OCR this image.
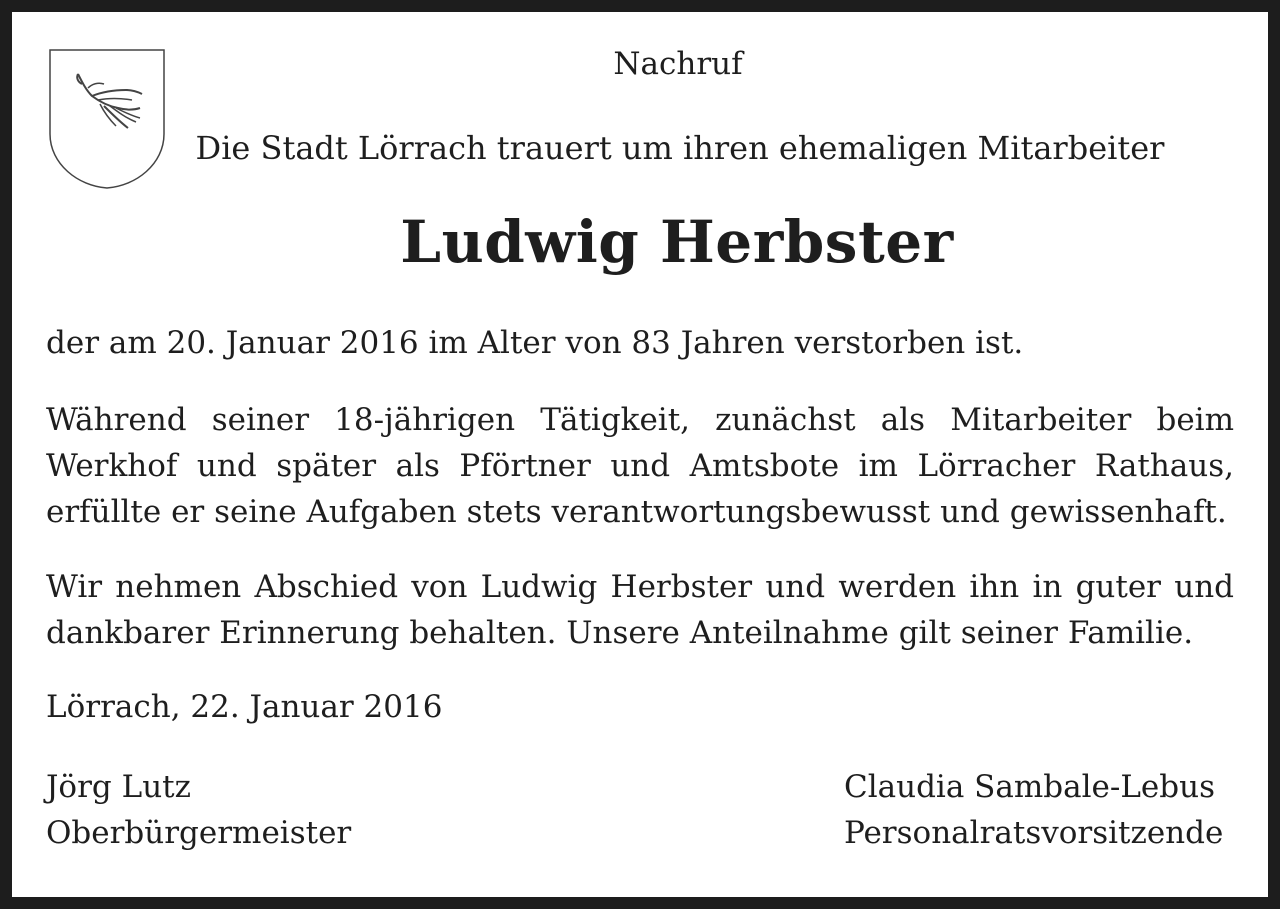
Nachruf

Die Stadt Lörrach trauert um ihren ehemaligen Mitarbeiter

Ludwig Herbster

der am 20. Januar 2016 im Alter von 83 Jahren verstorben ist.

Während seiner 18-jährigen Tätigkeit, zunächst als Mitarbeiter beim Werkhof und später als Pförtner und Amtsbote im Lörracher Rathaus, erfüllte er seine Aufgaben stets verantwortungsbewusst und gewissenhaft.

Wir nehmen Abschied von Ludwig Herbster und werden ihn in guter und dankbarer Erinnerung behalten. Unsere Anteilnahme gilt seiner Familie.

Lörrach, 22. Januar 2016

Jörg Lutz
Oberbürgermeister
Claudia Sambale-Lebus
Personalratsvorsitzende
